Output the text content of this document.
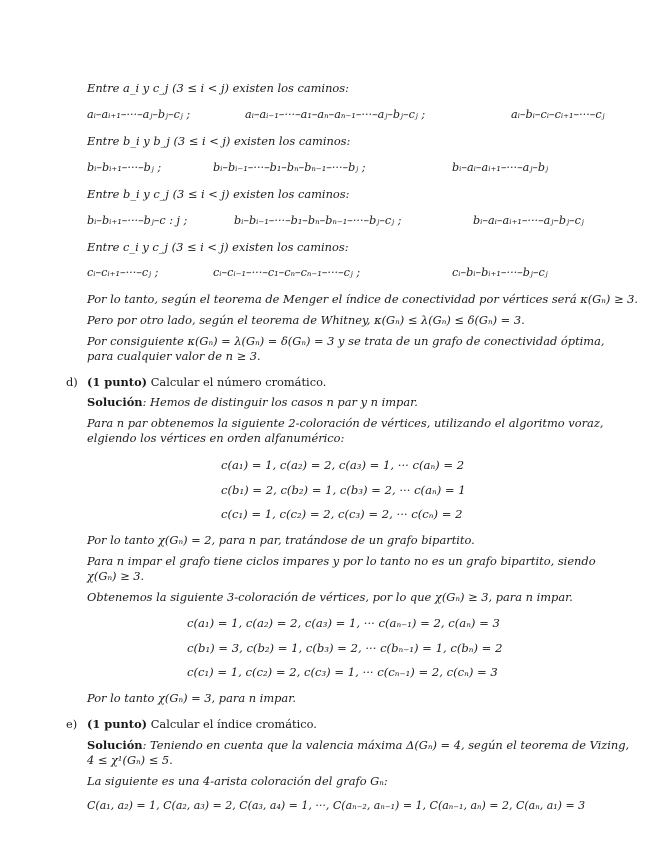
Entre a_i y c_j (3 ≤ i < j) existen los caminos:
aᵢ–aᵢ₊₁–···–aⱼ–bⱼ–cⱼ ;	aᵢ–aᵢ₋₁–···–a₁–aₙ–aₙ₋₁–···–aⱼ–bⱼ–cⱼ ;	aᵢ–bᵢ–cᵢ–cᵢ₊₁–···–cⱼ
Entre b_i y b_j (3 ≤ i < j) existen los caminos:
bᵢ–bᵢ₊₁–···–bⱼ ;	bᵢ–bᵢ₋₁–···–b₁–bₙ–bₙ₋₁–···–bⱼ ;	bᵢ–aᵢ–aᵢ₊₁–···–aⱼ–bⱼ
Entre b_i y c_j (3 ≤ i < j) existen los caminos:
bᵢ–bᵢ₊₁–···–bⱼ–c : j ;	bᵢ–bᵢ₋₁–···–b₁–bₙ–bₙ₋₁–···–bⱼ–cⱼ ;	bᵢ–aᵢ–aᵢ₊₁–···–aⱼ–bⱼ–cⱼ
Entre c_i y c_j (3 ≤ i < j) existen los caminos:
cᵢ–cᵢ₊₁–···–cⱼ ;	cᵢ–cᵢ₋₁–···–c₁–cₙ–cₙ₋₁–···–cⱼ ;	cᵢ–bᵢ–bᵢ₊₁–···–bⱼ–cⱼ
Por lo tanto, según el teorema de Menger el índice de conectividad por vértices será κ(Gₙ) ≥ 3.
Pero por otro lado, según el teorema de Whitney, κ(Gₙ) ≤ λ(Gₙ) ≤ δ(Gₙ) = 3.
Por consiguiente κ(Gₙ) = λ(Gₙ) = δ(Gₙ) = 3 y se trata de un grafo de conectividad óptima,
para cualquier valor de n ≥ 3.
d) (1 punto) Calcular el número cromático.
Solución: Hemos de distinguir los casos n par y n impar.
Para n par obtenemos la siguiente 2-coloración de vértices, utilizando el algoritmo voraz,
elgiendo los vértices en orden alfanumérico:
c(a₁) = 1, c(a₂) = 2, c(a₃) = 1, ··· c(aₙ) = 2
c(b₁) = 2, c(b₂) = 1, c(b₃) = 2, ··· c(aₙ) = 1
c(c₁) = 1, c(c₂) = 2, c(c₃) = 2, ··· c(cₙ) = 2
Por lo tanto χ(Gₙ) = 2, para n par, tratándose de un grafo bipartito.
Para n impar el grafo tiene ciclos impares y por lo tanto no es un grafo bipartito, siendo
χ(Gₙ) ≥ 3.
Obtenemos la siguiente 3-coloración de vértices, por lo que χ(Gₙ) ≥ 3, para n impar.
c(a₁) = 1, c(a₂) = 2, c(a₃) = 1, ··· c(aₙ₋₁) = 2, c(aₙ) = 3
c(b₁) = 3, c(b₂) = 1, c(b₃) = 2, ··· c(bₙ₋₁) = 1, c(bₙ) = 2
c(c₁) = 1, c(c₂) = 2, c(c₃) = 1, ··· c(cₙ₋₁) = 2, c(cₙ) = 3
Por lo tanto χ(Gₙ) = 3, para n impar.
e) (1 punto) Calcular el índice cromático.
Solución: Teniendo en cuenta que la valencia máxima Δ(Gₙ) = 4, según el teorema de Vizing,
4 ≤ χ¹(Gₙ) ≤ 5.
La siguiente es una 4-arista coloración del grafo Gₙ:
C(a₁, a₂) = 1, C(a₂, a₃) = 2, C(a₃, a₄) = 1, ···, C(aₙ₋₂, aₙ₋₁) = 1, C(aₙ₋₁, aₙ) = 2, C(aₙ, a₁) = 3
